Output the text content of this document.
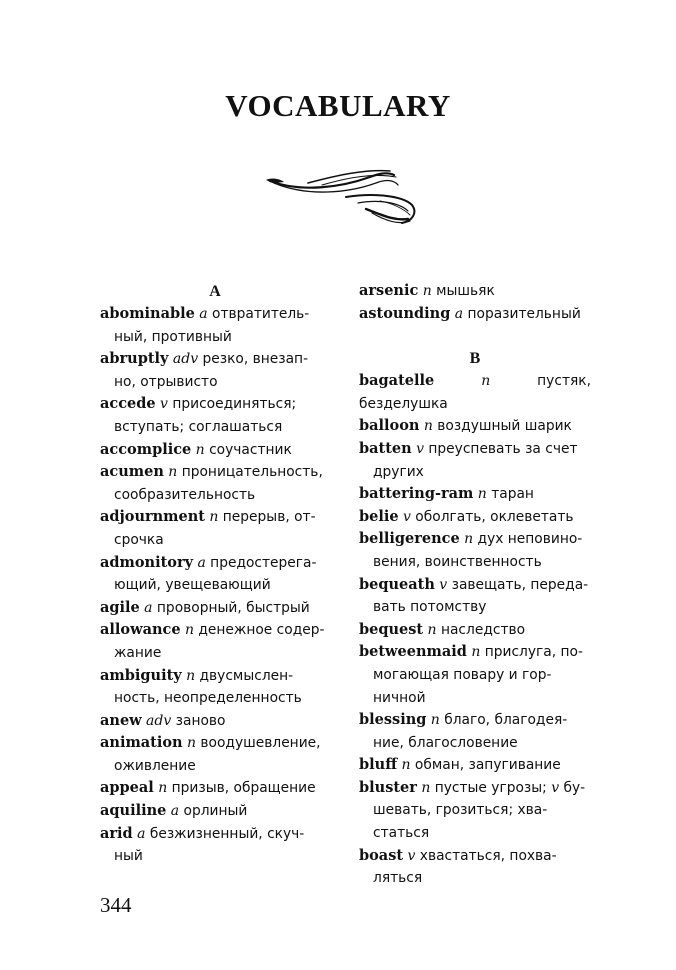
VOCABULARY

A

abominable a отвратитель-

ный, противный

abruptly adv резко, внезап-

но, отрывисто

accede v присоединяться;

вступать; соглашаться

accomplice n соучастник

acumen n проницательность,

сообразительность

adjournment n перерыв, от-

срочка

admonitory a предостерега-

ющий, увещевающий

agile a проворный, быстрый

allowance n денежное содер-

жание

ambiguity n двусмыслен-

ность, неопределенность

anew adv заново

animation n воодушевление,

оживление

appeal n призыв, обращение

aquiline a орлиный

arid a безжизненный, скуч-

ный

arsenic n мышьяк

astounding a поразительный

B

bagatelle	n пустяк, безделушка

balloon n воздушный шарик

batten v преуспевать за счет

других

battering-ram n таран

belie v оболгать, оклеветать

belligerence n дух неповино-

вения, воинственность

bequeath v завещать, переда-

вать потомству

bequest n наследство

betweenmaid n прислуга, по-

могающая повару и гор-

ничной

blessing n благо, благодея-

ние, благословение

bluff n обман, запугивание

bluster n пустые угрозы; v бу-

шевать, грозиться; хва-

статься

boast v хвастаться, похва-

ляться

344
